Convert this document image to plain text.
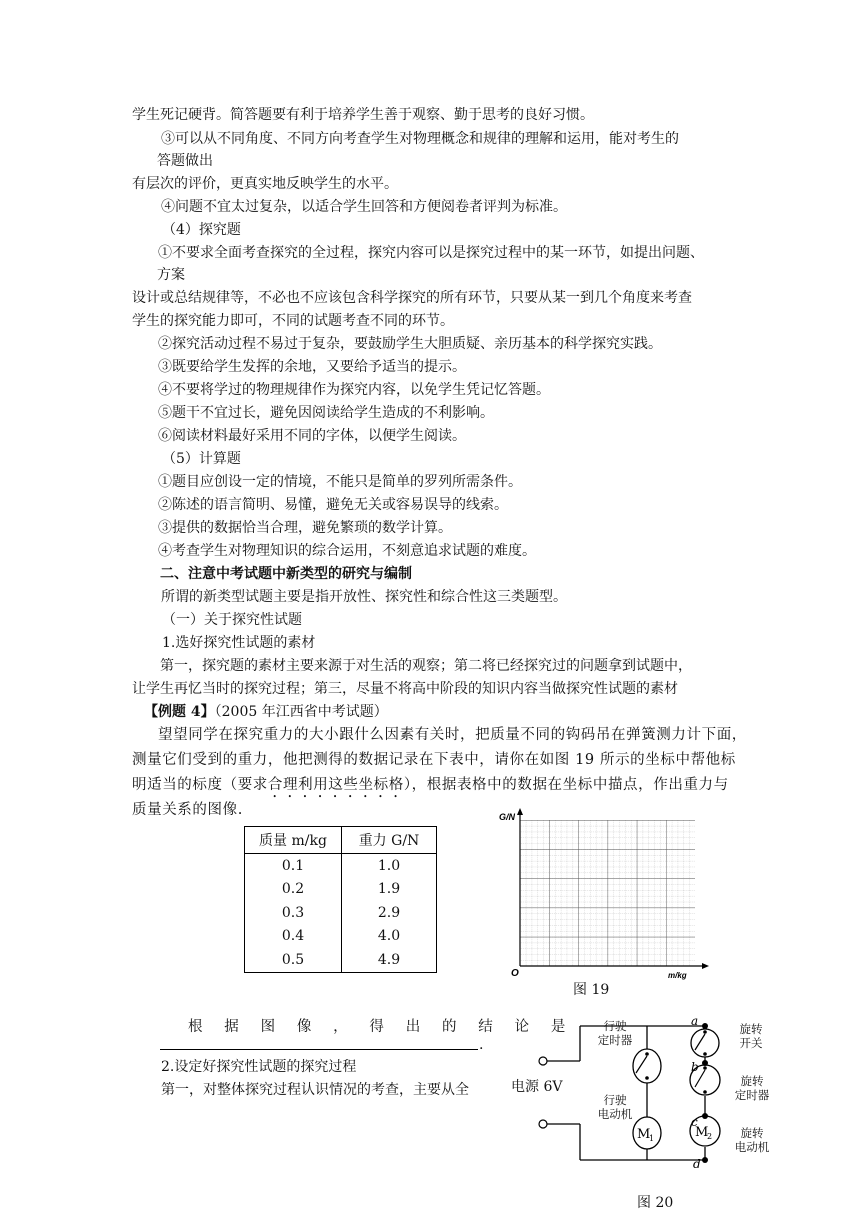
学生死记硬背。简答题要有利于培养学生善于观察、勤于思考的良好习惯。
③可以从不同角度、不同方向考查学生对物理概念和规律的理解和运用，能对考生的
答题做出
有层次的评价，更真实地反映学生的水平。
④问题不宜太过复杂，以适合学生回答和方便阅卷者评判为标准。
（4）探究题
①不要求全面考查探究的全过程，探究内容可以是探究过程中的某一环节，如提出问题、
方案
设计或总结规律等，不必也不应该包含科学探究的所有环节，只要从某一到几个角度来考查
学生的探究能力即可，不同的试题考查不同的环节。
②探究活动过程不易过于复杂，要鼓励学生大胆质疑、亲历基本的科学探究实践。
③既要给学生发挥的余地，又要给予适当的提示。
④不要将学过的物理规律作为探究内容，以免学生凭记忆答题。
⑤题干不宜过长，避免因阅读给学生造成的不利影响。
⑥阅读材料最好采用不同的字体，以便学生阅读。
（5）计算题
①题目应创设一定的情境，不能只是简单的罗列所需条件。
②陈述的语言简明、易懂，避免无关或容易误导的线索。
③提供的数据恰当合理，避免繁琐的数学计算。
④考查学生对物理知识的综合运用，不刻意追求试题的难度。
二、注意中考试题中新类型的研究与编制
所谓的新类型试题主要是指开放性、探究性和综合性这三类题型。
（一）关于探究性试题
1.选好探究性试题的素材
第一，探究题的素材主要来源于对生活的观察；第二将已经探究过的问题拿到试题中，
让学生再忆当时的探究过程；第三，尽量不将高中阶段的知识内容当做探究性试题的素材
【例题 4】（2005 年江西省中考试题）
望望同学在探究重力的大小跟什么因素有关时，把质量不同的钩码吊在弹簧测力计下面，
测量它们受到的重力，他把测得的数据记录在下表中，请你在如图 19 所示的坐标中帮他标
明适当的标度（要求合理利用这些坐标格），根据表格中的数据在坐标中描点，作出重力与
质量关系的图像.
质量 m/kg	重力 G/N
0.1	1.0
0.2	1.9
0.3	2.9
0.4	4.0
0.5	4.9
G/N
O	m/kg
图 19
根 据 图 像 ， 得 出 的 结 论 是
.
2.设定好探究性试题的探究过程
第一，对整体探究过程认识情况的考查，主要从全
M
1	M
2
a
b
c
d
电源 6V
行驶
定时器
行驶
电动机
旋转
开关
旋转
定时器
旋转
电动机
图 20
